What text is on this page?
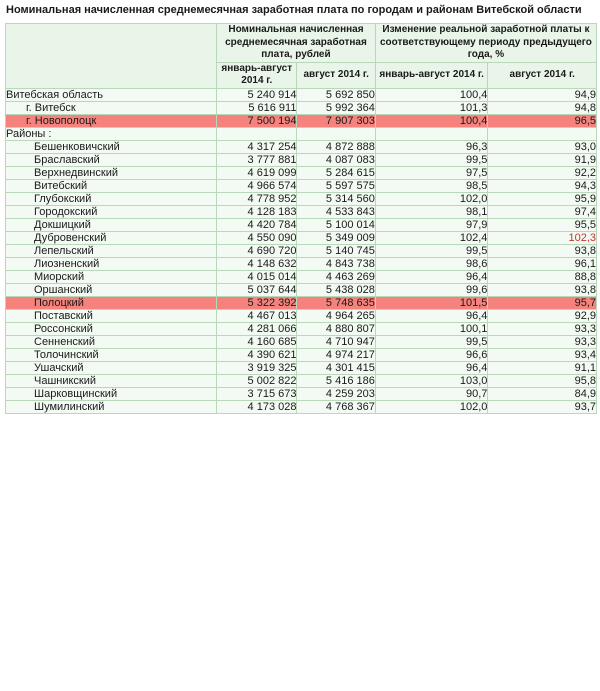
Номинальная начисленная среднемесячная заработная плата по городам и районам Витебской области
	Номинальная начисленная среднемесячная заработная плата, рублей		Изменение реальной заработной платы к соответствующему периоду предыдущего года, %	
	январь-август 2014 г.	август 2014 г.	январь-август 2014 г.	август 2014 г.
Витебская область	5 240 914	5 692 850	100,4	94,9
г. Витебск	5 616 911	5 992 364	101,3	94,8
г. Новополоцк	7 500 194	7 907 303	100,4	96,5
Районы :				
Бешенковичский	4 317 254	4 872 888	96,3	93,0
Браславский	3 777 881	4 087 083	99,5	91,9
Верхнедвинский	4 619 099	5 284 615	97,5	92,2
Витебский	4 966 574	5 597 575	98,5	94,3
Глубокский	4 778 952	5 314 560	102,0	95,9
Городокский	4 128 183	4 533 843	98,1	97,4
Докшицкий	4 420 784	5 100 014	97,9	95,5
Дубровенский	4 550 090	5 349 009	102,4	102,3
Лепельский	4 690 720	5 140 745	99,5	93,8
Лиозненский	4 148 632	4 843 738	98,6	96,1
Миорский	4 015 014	4 463 269	96,4	88,8
Оршанский	5 037 644	5 438 028	99,6	93,8
Полоцкий	5 322 392	5 748 635	101,5	95,7
Поставский	4 467 013	4 964 265	96,4	92,9
Россонский	4 281 066	4 880 807	100,1	93,3
Сенненский	4 160 685	4 710 947	99,5	93,3
Толочинский	4 390 621	4 974 217	96,6	93,4
Ушачский	3 919 325	4 301 415	96,4	91,1
Чашникский	5 002 822	5 416 186	103,0	95,8
Шарковщинский	3 715 673	4 259 203	90,7	84,9
Шумилинский	4 173 028	4 768 367	102,0	93,7
